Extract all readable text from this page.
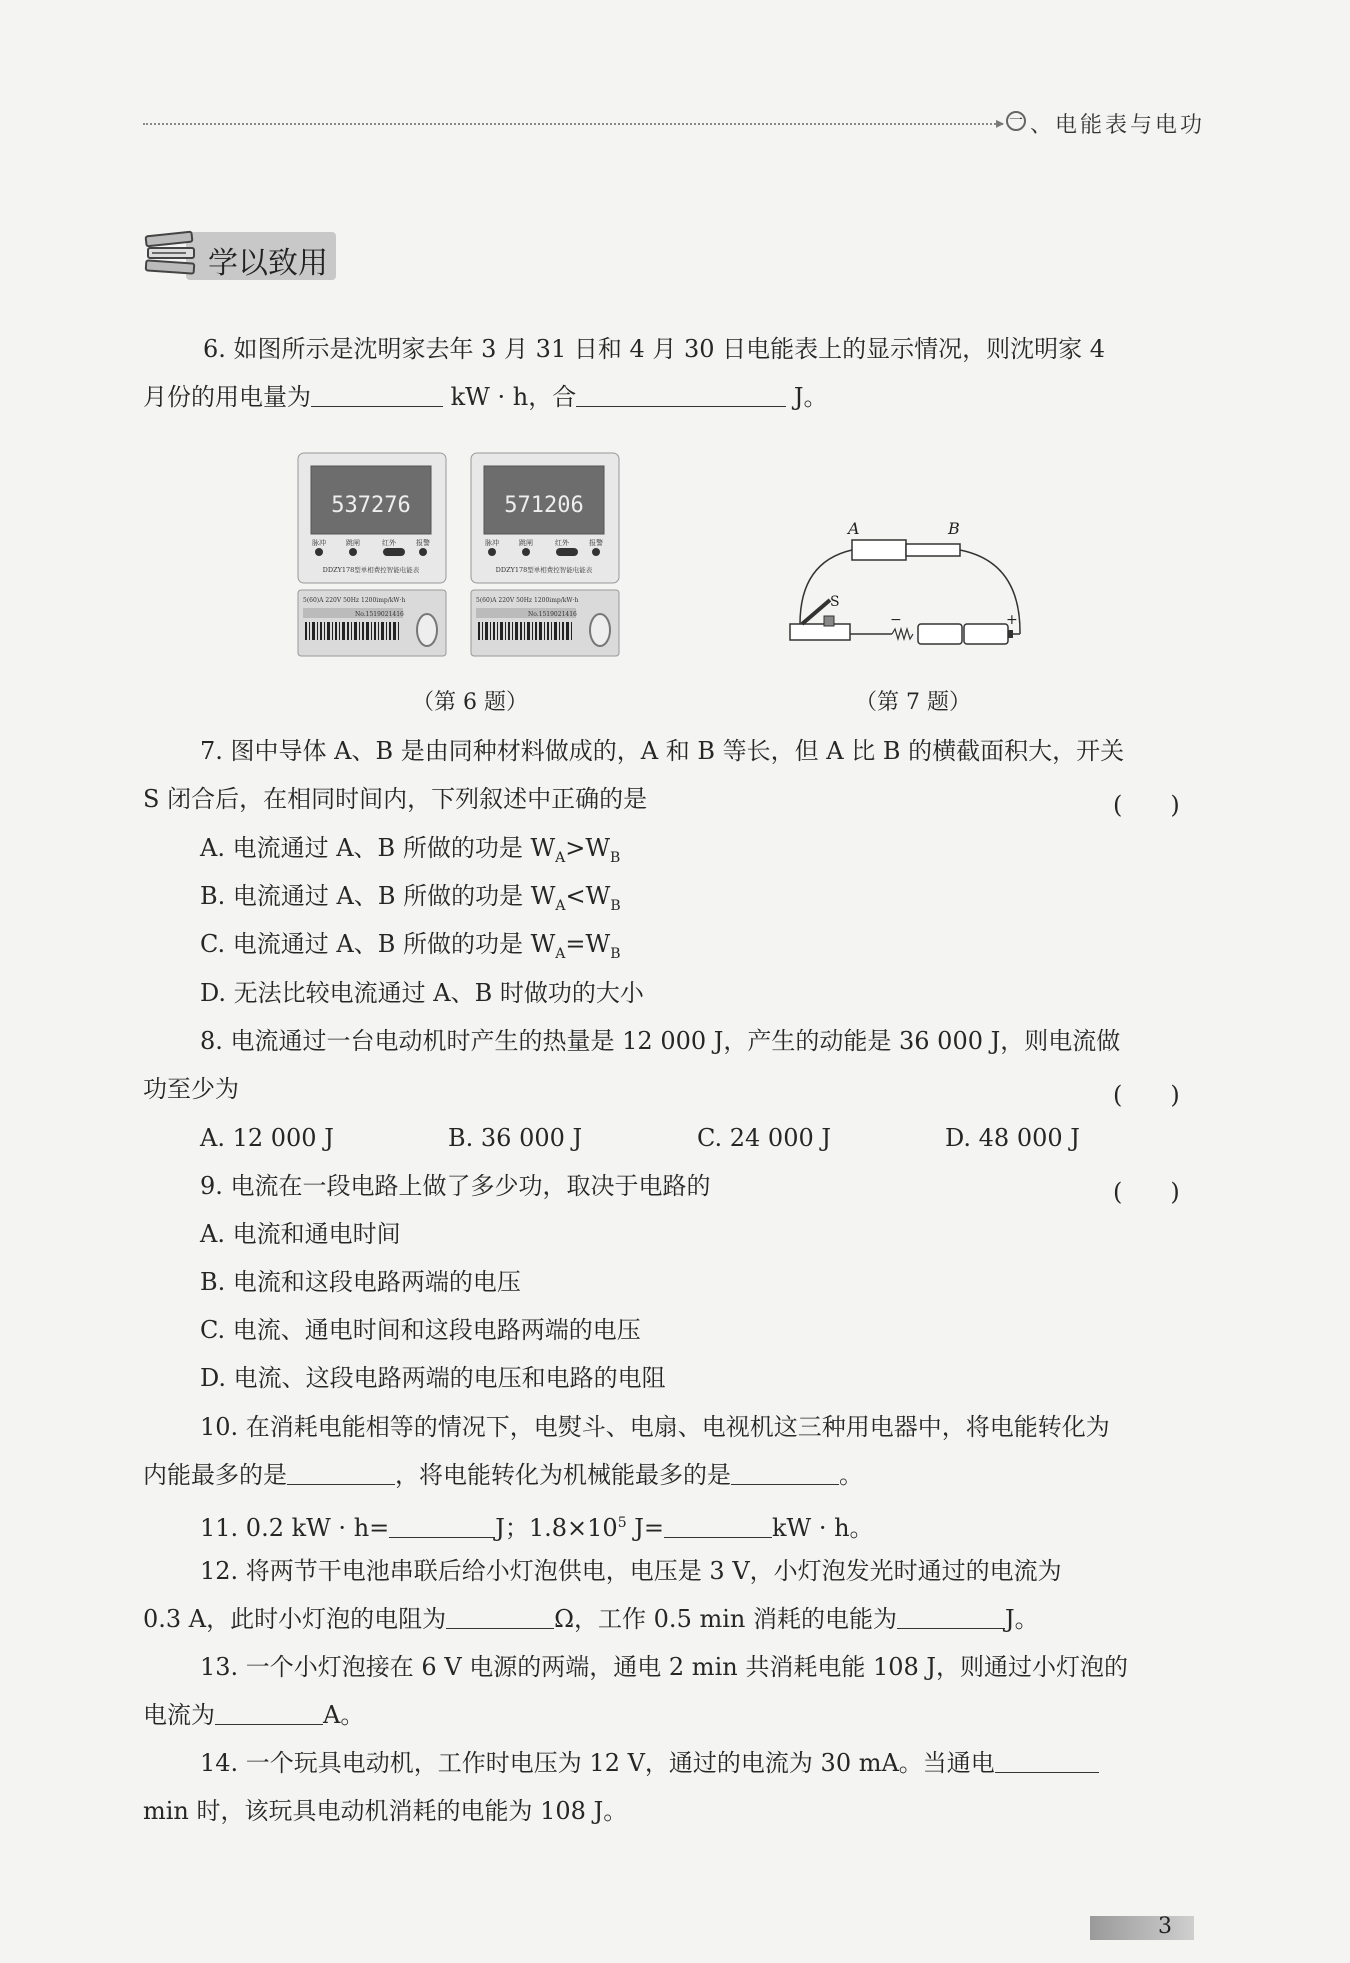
▸ 一 、电能表与电功
学以致用
6. 如图所示是沈明家去年 3 月 31 日和 4 月 30 日电能表上的显示情况，则沈明家 4
月份的用电量为	kW · h，合	J。
537276
脉冲	跳闸	红外	报警
DDZY178型单相费控智能电能表
5(60)A 220V 50Hz 1200imp/kW·h
No.1519021416
571206
脉冲	跳闸	红外	报警
DDZY178型单相费控智能电能表
5(60)A 220V 50Hz 1200imp/kW·h
No.1519021416
A	B
S
−	+
（第 6 题）	（第 7 题）
7. 图中导体 A、B 是由同种材料做成的，A 和 B 等长，但 A 比 B 的横截面积大，开关
S 闭合后，在相同时间内，下列叙述中正确的是	(　　)
A. 电流通过 A、B 所做的功是 $W_A>W_B$
B. 电流通过 A、B 所做的功是 $W_A<W_B$
C. 电流通过 A、B 所做的功是 $W_A=W_B$
D. 无法比较电流通过 A、B 时做功的大小
8. 电流通过一台电动机时产生的热量是 12 000 J，产生的动能是 36 000 J，则电流做
功至少为	(　　)
A. 12 000 J	B. 36 000 J	C. 24 000 J	D. 48 000 J
9. 电流在一段电路上做了多少功，取决于电路的	(　　)
A. 电流和通电时间
B. 电流和这段电路两端的电压
C. 电流、通电时间和这段电路两端的电压
D. 电流、这段电路两端的电压和电路的电阻
10. 在消耗电能相等的情况下，电熨斗、电扇、电视机这三种用电器中，将电能转化为
内能最多的是	，将电能转化为机械能最多的是	。
11. 0.2 kW · h=	J；$1.8\times 10^5$ J=	kW · h。
12. 将两节干电池串联后给小灯泡供电，电压是 3 V，小灯泡发光时通过的电流为
0.3 A，此时小灯泡的电阻为	Ω，工作 0.5 min 消耗的电能为	J。
13. 一个小灯泡接在 6 V 电源的两端，通电 2 min 共消耗电能 108 J，则通过小灯泡的
电流为	A。
14. 一个玩具电动机，工作时电压为 12 V，通过的电流为 30 mA。当通电
min 时，该玩具电动机消耗的电能为 108 J。
3
